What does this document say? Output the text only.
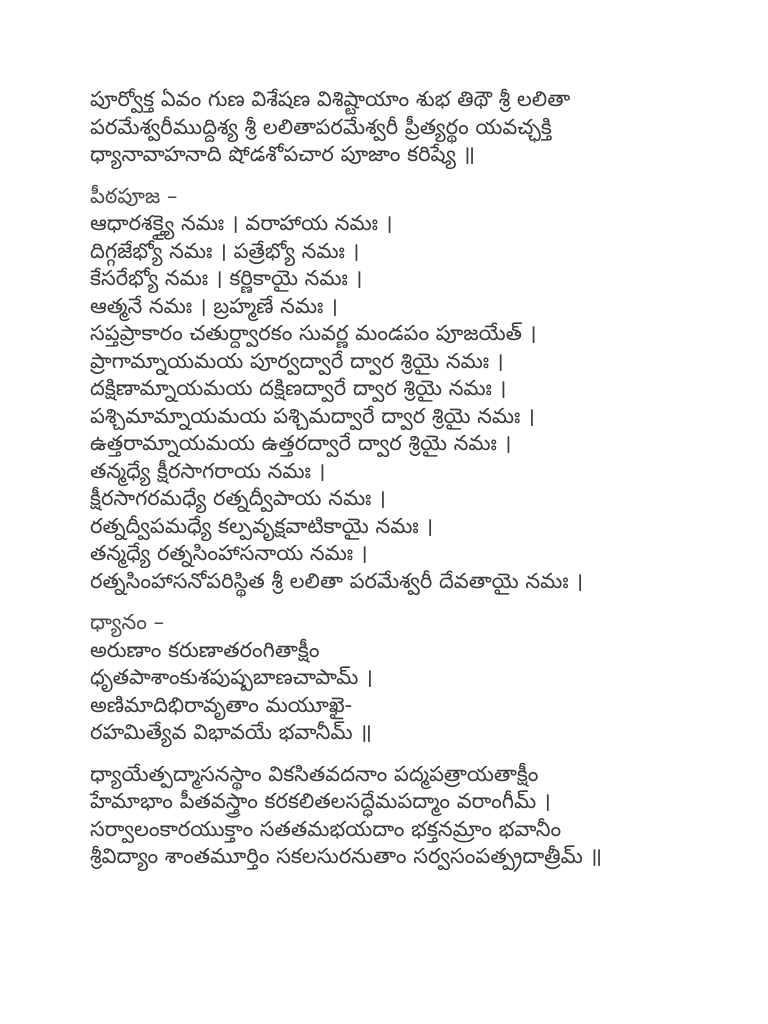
పూర్వోక్త ఏవం గుణ విశేషణ విశిష్టాయాం శుభ తిథౌ శ్రీ లలితా
పరమేశ్వరీముద్దిశ్య శ్రీ లలితాపరమేశ్వరీ ప్రీత్యర్థం యవచ్ఛక్తి
ధ్యానావాహనాది షోడశోపచార పూజాం కరిష్యే ॥
పీఠపూజ –
ఆధారశక్త్యై నమః । వరాహాయ నమః ।
దిగ్గజేభ్యో నమః । పత్రేభ్యో నమః ।
కేసరేభ్యో నమః । కర్ణికాయై నమః ।
ఆత్మనే నమః । బ్రహ్మణే నమః ।
సప్తప్రాకారం చతుర్ద్వారకం సువర్ణ మండపం పూజయేత్ ।
ప్రాగామ్నాయమయ పూర్వద్వారే ద్వార శ్రియై నమః ।
దక్షిణామ్నాయమయ దక్షిణద్వారే ద్వార శ్రియై నమః ।
పశ్చిమామ్నాయమయ పశ్చిమద్వారే ద్వార శ్రియై నమః ।
ఉత్తరామ్నాయమయ ఉత్తరద్వారే ద్వార శ్రియై నమః ।
తన్మధ్యే క్షీరసాగరాయ నమః ।
క్షీరసాగరమధ్యే రత్నద్వీపాయ నమః ।
రత్నద్వీపమధ్యే కల్పవృక్షవాటికాయై నమః ।
తన్మధ్యే రత్నసింహాసనాయ నమః ।
రత్నసింహాసనోపరిస్థిత శ్రీ లలితా పరమేశ్వరీ దేవతాయై నమః ।
ధ్యానం –
అరుణాం కరుణాతరంగితాక్షీం
ధృతపాశాంకుశపుష్పబాణచాపామ్ ।
అణిమాదిభిరావృతాం మయూఖై-
రహమిత్యేవ విభావయే భవానీమ్ ॥
ధ్యాయేత్పద్మాసనస్థాం వికసితవదనాం పద్మపత్రాయతాక్షీం
హేమాభాం పీతవస్త్రాం కరకలితలసద్ధేమపద్మాం వరాంగీమ్ ।
సర్వాలంకారయుక్తాం సతతమభయదాం భక్తనమ్రాం భవానీం
శ్రీవిద్యాం శాంతమూర్తిం సకలసురనుతాం సర్వసంపత్ప్రదాత్రీమ్ ॥
